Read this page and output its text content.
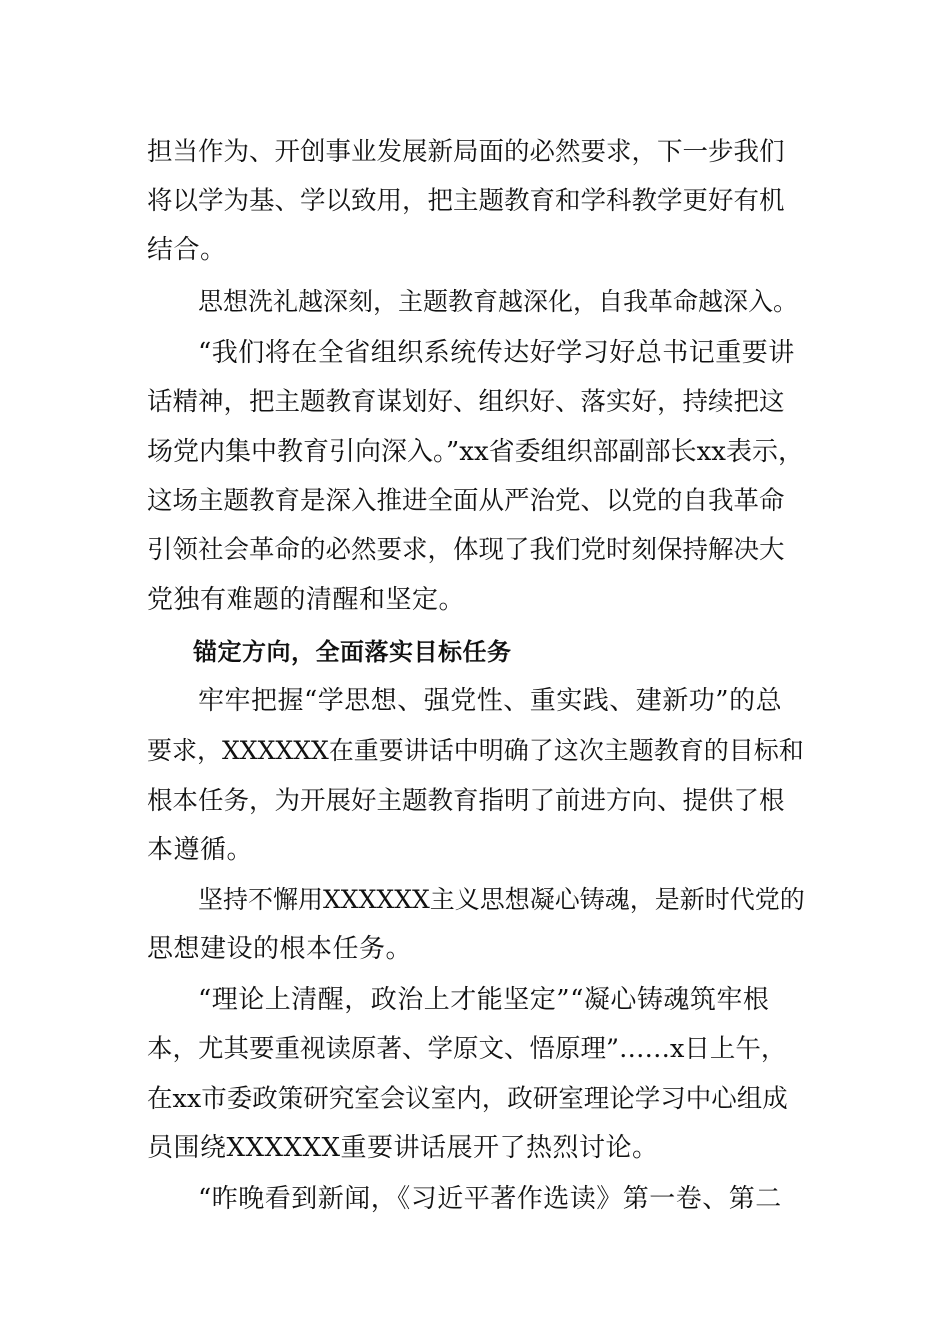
担当作为、开创事业发展新局面的必然要求，下一步我们
将以学为基、学以致用，把主题教育和学科教学更好有机
结合。
思想洗礼越深刻，主题教育越深化，自我革命越深入。
“我们将在全省组织系统传达好学习好总书记重要讲
话精神，把主题教育谋划好、组织好、落实好，持续把这
场党内集中教育引向深入。”xx省委组织部副部长xx表示，
这场主题教育是深入推进全面从严治党、以党的自我革命
引领社会革命的必然要求，体现了我们党时刻保持解决大
党独有难题的清醒和坚定。
锚定方向，全面落实目标任务
牢牢把握“学思想、强党性、重实践、建新功”的总
要求，XXXXXX在重要讲话中明确了这次主题教育的目标和
根本任务，为开展好主题教育指明了前进方向、提供了根
本遵循。
坚持不懈用XXXXXX主义思想凝心铸魂，是新时代党的
思想建设的根本任务。
“理论上清醒，政治上才能坚定”“凝心铸魂筑牢根
本，尤其要重视读原著、学原文、悟原理”……x日上午，
在xx市委政策研究室会议室内，政研室理论学习中心组成
员围绕XXXXXX重要讲话展开了热烈讨论。
“昨晚看到新闻，《习近平著作选读》第一卷、第二
